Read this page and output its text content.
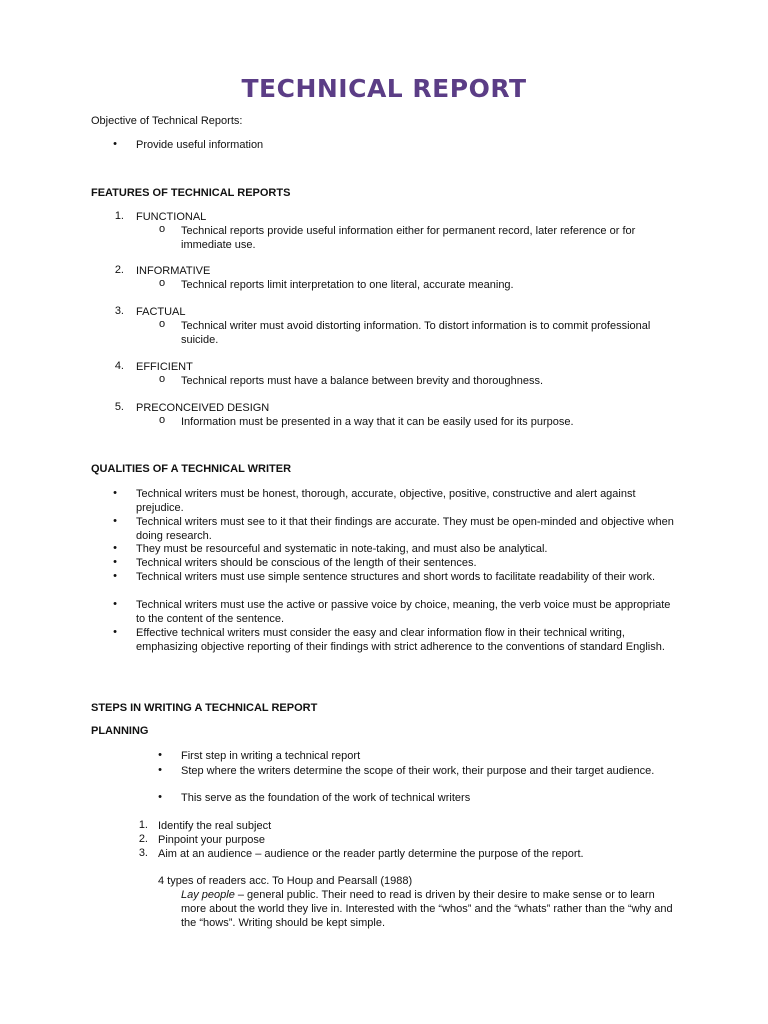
TECHNICAL REPORT
Objective of Technical Reports:
• Provide useful information
FEATURES OF TECHNICAL REPORTS
1. FUNCTIONAL
o Technical reports provide useful information either for permanent record, later reference or for immediate use.
2. INFORMATIVE
o Technical reports limit interpretation to one literal, accurate meaning.
3. FACTUAL
o Technical writer must avoid distorting information. To distort information is to commit professional suicide.
4. EFFICIENT
o Technical reports must have a balance between brevity and thoroughness.
5. PRECONCEIVED DESIGN
o Information must be presented in a way that it can be easily used for its purpose.
QUALITIES OF A TECHNICAL WRITER
• Technical writers must be honest, thorough, accurate, objective, positive, constructive and alert against prejudice.
• Technical writers must see to it that their findings are accurate. They must be open-minded and objective when doing research.
• They must be resourceful and systematic in note-taking, and must also be analytical.
• Technical writers should be conscious of the length of their sentences.
• Technical writers must use simple sentence structures and short words to facilitate readability of their work.
• Technical writers must use the active or passive voice by choice, meaning, the verb voice must be appropriate to the content of the sentence.
• Effective technical writers must consider the easy and clear information flow in their technical writing, emphasizing objective reporting of their findings with strict adherence to the conventions of standard English.
STEPS IN WRITING A TECHNICAL REPORT
PLANNING
• First step in writing a technical report
• Step where the writers determine the scope of their work, their purpose and their target audience.
• This serve as the foundation of the work of technical writers
1. Identify the real subject
2. Pinpoint your purpose
3. Aim at an audience – audience or the reader partly determine the purpose of the report.
4 types of readers acc. To Houp and Pearsall (1988)
Lay people – general public. Their need to read is driven by their desire to make sense or to learn more about the world they live in. Interested with the “whos” and the “whats” rather than the “why and the “hows”. Writing should be kept simple.
